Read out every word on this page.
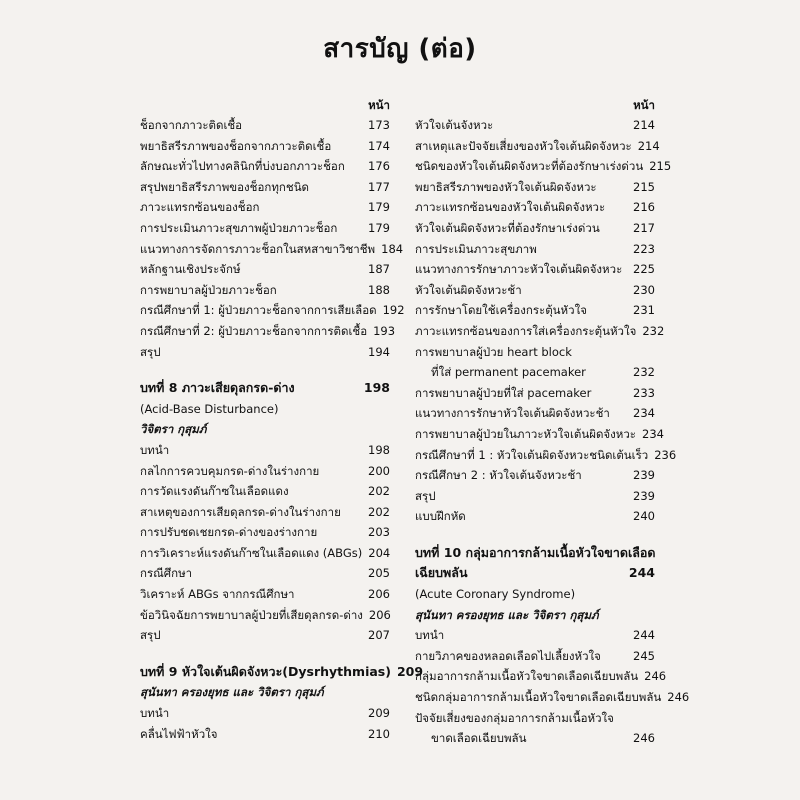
สารบัญ (ต่อ)
หน้า
ช็อกจากภาวะติดเชื้อ	173
พยาธิสรีรภาพของช็อกจากภาวะติดเชื้อ	174
ลักษณะทั่วไปทางคลินิกที่บ่งบอกภาวะช็อก 176
สรุปพยาธิสรีรภาพของช็อกทุกชนิด	177
ภาวะแทรกซ้อนของช็อก	179
การประเมินภาวะสุขภาพผู้ป่วยภาวะช็อก	179
แนวทางการจัดการภาวะช็อกในสหสาขาวิชาชีพ 184
หลักฐานเชิงประจักษ์	187
การพยาบาลผู้ป่วยภาวะช็อก	188
กรณีศึกษาที่ 1: ผู้ป่วยภาวะช็อกจากการเสียเลือด 192
กรณีศึกษาที่ 2: ผู้ป่วยภาวะช็อกจากการติดเชื้อ 193
สรุป	194
บทที่ 8 ภาวะเสียดุลกรด-ด่าง	198
(Acid-Base Disturbance)
วิจิตรา กุสุมภ์
บทนำ	198
กลไกการควบคุมกรด-ด่างในร่างกาย	200
การวัดแรงดันก๊าซในเลือดแดง	202
สาเหตุของการเสียดุลกรด-ด่างในร่างกาย 202
การปรับชดเชยกรด-ด่างของร่างกาย	203
การวิเคราะห์แรงดันก๊าซในเลือดแดง (ABGs) 204
กรณีศึกษา	205
วิเคราะห์ ABGs จากกรณีศึกษา	206
ข้อวินิจฉัยการพยาบาลผู้ป่วยที่เสียดุลกรด-ด่าง 206
สรุป	207
บทที่ 9 หัวใจเต้นผิดจังหวะ(Dysrhythmias) 209
สุนันทา ครองยุทธ และ วิจิตรา กุสุมภ์
บทนำ	209
คลื่นไฟฟ้าหัวใจ	210
หน้า
หัวใจเต้นจังหวะ	214
สาเหตุและปัจจัยเสี่ยงของหัวใจเต้นผิดจังหวะ 214
ชนิดของหัวใจเต้นผิดจังหวะที่ต้องรักษาเร่งด่วน 215
พยาธิสรีรภาพของหัวใจเต้นผิดจังหวะ	215
ภาวะแทรกซ้อนของหัวใจเต้นผิดจังหวะ 216
หัวใจเต้นผิดจังหวะที่ต้องรักษาเร่งด่วน	217
การประเมินภาวะสุขภาพ	223
แนวทางการรักษาภาวะหัวใจเต้นผิดจังหวะ 225
หัวใจเต้นผิดจังหวะช้า	230
การรักษาโดยใช้เครื่องกระตุ้นหัวใจ	231
ภาวะแทรกซ้อนของการใส่เครื่องกระตุ้นหัวใจ 232
การพยาบาลผู้ป่วย heart block
ที่ใส่ permanent pacemaker	232
การพยาบาลผู้ป่วยที่ใส่ pacemaker	233
แนวทางการรักษาหัวใจเต้นผิดจังหวะช้า 234
การพยาบาลผู้ป่วยในภาวะหัวใจเต้นผิดจังหวะ 234
กรณีศึกษาที่ 1 : หัวใจเต้นผิดจังหวะชนิดเต้นเร็ว 236
กรณีศึกษา 2 : หัวใจเต้นจังหวะช้า	239
สรุป	239
แบบฝึกหัด	240
บทที่ 10 กลุ่มอาการกล้ามเนื้อหัวใจขาดเลือด
เฉียบพลัน	244
(Acute Coronary Syndrome)
สุนันทา ครองยุทธ และ วิจิตรา กุสุมภ์
บทนำ	244
กายวิภาคของหลอดเลือดไปเลี้ยงหัวใจ	245
กลุ่มอาการกล้ามเนื้อหัวใจขาดเลือดเฉียบพลัน 246
ชนิดกลุ่มอาการกล้ามเนื้อหัวใจขาดเลือดเฉียบพลัน 246
ปัจจัยเสี่ยงของกลุ่มอาการกล้ามเนื้อหัวใจ
ขาดเลือดเฉียบพลัน	246
